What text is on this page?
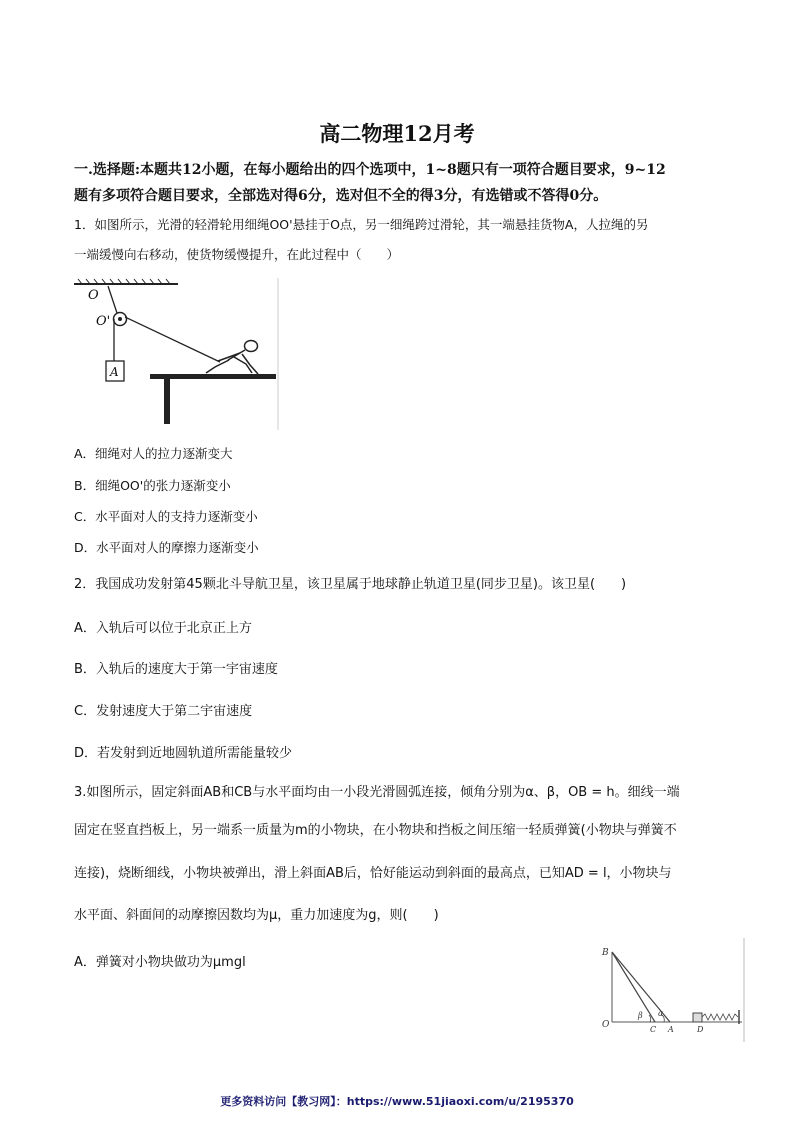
高二物理12月考
一.选择题:本题共12小题，在每小题给出的四个选项中，1~8题只有一项符合题目要求，9~12
题有多项符合题目要求，全部选对得6分，选对但不全的得3分，有选错或不答得0分。
1．如图所示，光滑的轻滑轮用细绳OO'悬挂于O点，另一细绳跨过滑轮，其一端悬挂货物A，人拉绳的另
一端缓慢向右移动，使货物缓慢提升，在此过程中（　　）
O
O'
A
A．细绳对人的拉力逐渐变大
B．细绳OO'的张力逐渐变小
C．水平面对人的支持力逐渐变小
D．水平面对人的摩擦力逐渐变小
2．我国成功发射第45颗北斗导航卫星，该卫星属于地球静止轨道卫星(同步卫星)。该卫星(　　)
A．入轨后可以位于北京正上方
B．入轨后的速度大于第一宇宙速度
C．发射速度大于第二宇宙速度
D．若发射到近地圆轨道所需能量较少
3.如图所示，固定斜面AB和CB与水平面均由一小段光滑圆弧连接，倾角分别为α、β，OB = h。细线一端
固定在竖直挡板上，另一端系一质量为m的小物块，在小物块和挡板之间压缩一轻质弹簧(小物块与弹簧不
连接)，烧断细线，小物块被弹出，滑上斜面AB后，恰好能运动到斜面的最高点，已知AD = l，小物块与
水平面、斜面间的动摩擦因数均为μ，重力加速度为g，则(　　)
A．弹簧对小物块做功为μmgl
B
O
β α
C A	D
更多资料访问【教习网】：https://www.51jiaoxi.com/u/2195370
